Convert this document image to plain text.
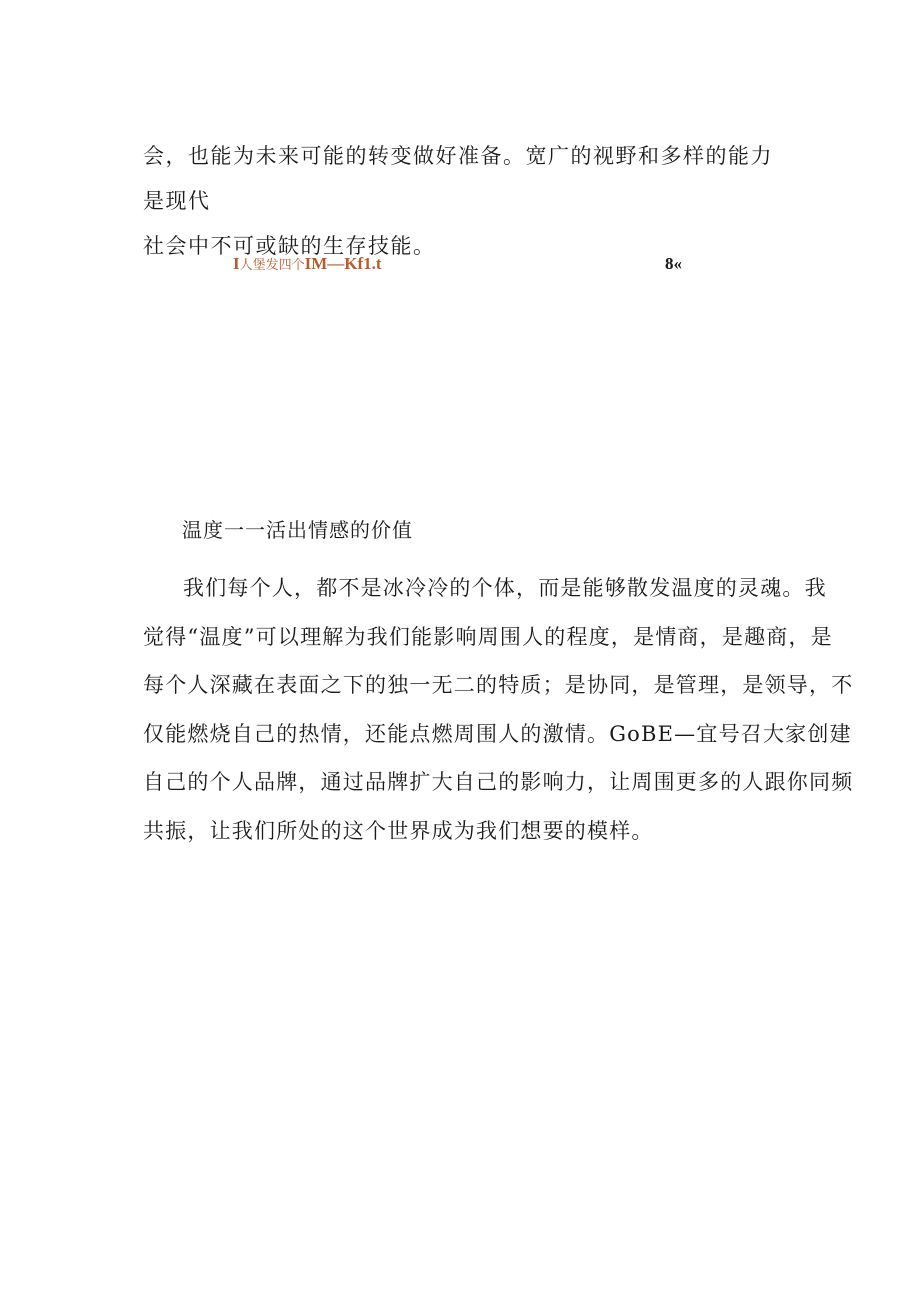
会，也能为未来可能的转变做好准备。宽广的视野和多样的能力是现代

社会中不可或缺的生存技能。

I人堡发四个IM—Kf1.t	8«
温度一一活出情感的价值

我们每个人，都不是冰冷冷的个体，而是能够散发温度的灵魂。我

觉得“温度”可以理解为我们能影响周围人的程度，是情商，是趣商，是

每个人深藏在表面之下的独一无二的特质；是协同，是管理，是领导，不

仅能燃烧自己的热情，还能点燃周围人的激情。GoBE—宜号召大家创建

自己的个人品牌，通过品牌扩大自己的影响力，让周围更多的人跟你同频

共振，让我们所处的这个世界成为我们想要的模样。
